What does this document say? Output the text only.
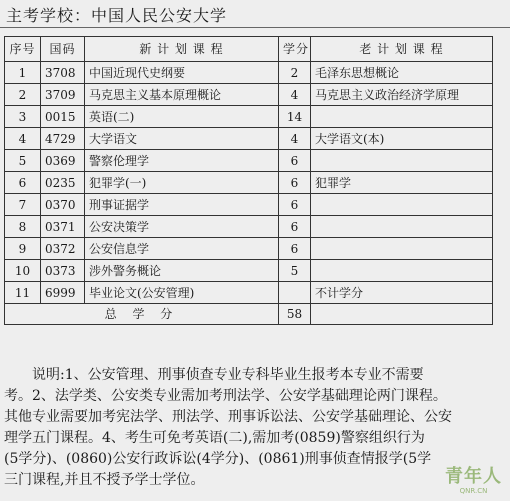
主考学校：中国人民公安大学
序号	国码	新 计 划 课 程	学分	老 计 划 课 程
1	3708	中国近现代史纲要	2	毛泽东思想概论
2	3709	马克思主义基本原理概论	4	马克思主义政治经济学原理
3	0015	英语(二)	14	
4	4729	大学语文	4	大学语文(本)
5	0369	警察伦理学	6	
6	0235	犯罪学(一)	6	犯罪学
7	0370	刑事证据学	6	
8	0371	公安决策学	6	
9	0372	公安信息学	6	
10	0373	涉外警务概论	5	
11	6999	毕业论文(公安管理)		不计学分
总 学 分			58	

说明:1、公安管理、刑事侦查专业专科毕业生报考本专业不需要

考。2、法学类、公安类专业需加考刑法学、公安学基础理论两门课程。

其他专业需要加考宪法学、刑法学、刑事诉讼法、公安学基础理论、公安

理学五门课程。4、考生可免考英语(二),需加考(0859)警察组织行为

(5学分)、(0860)公安行政诉讼(4学分)、(0861)刑事侦查情报学(5学

三门课程,并且不授予学士学位。	青年人
QNR.CN
